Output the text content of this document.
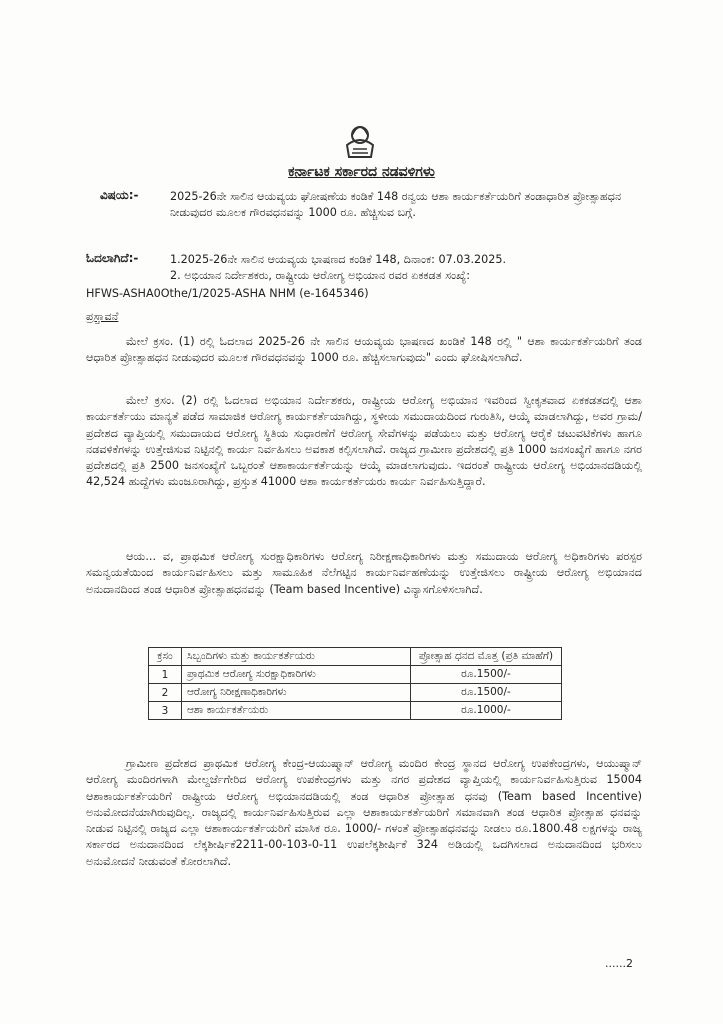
ಕರ್ನಾಟಕ ಸರ್ಕಾರದ ನಡವಳಿಗಳು
ವಿಷಯ:-	2025-26ನೇ ಸಾಲಿನ ಆಯವ್ಯಯ ಘೋಷಣೆಯ ಕಂಡಿಕೆ 148 ರನ್ವಯ ಆಶಾ ಕಾರ್ಯಕರ್ತೆಯರಿಗೆ ತಂಡಾಧಾರಿತ ಪ್ರೋತ್ಸಾಹಧನ ನೀಡುವುದರ ಮೂಲಕ ಗೌರವಧನವನ್ನು 1000 ರೂ. ಹೆಚ್ಚಿಸುವ ಬಗ್ಗೆ.
ಓದಲಾಗಿದೆ:-	1.2025-26ನೇ ಸಾಲಿನ ಆಯವ್ಯಯ ಭಾಷಣದ ಕಂಡಿಕೆ 148, ದಿನಾಂಕ: 07.03.2025.
2. ಅಭಿಯಾನ ನಿರ್ದೇಶಕರು, ರಾಷ್ಟ್ರೀಯ ಆರೋಗ್ಯ ಅಭಿಯಾನ ರವರ ಏಕಕಡತ ಸಂಖ್ಯೆ:
HFWS-ASHA0Othe/1/2025-ASHA NHM (e-1645346)
ಪ್ರಸ್ತಾವನೆ
ಮೇಲೆ ಕ್ರಸಂ. (1) ರಲ್ಲಿ ಓದಲಾದ 2025-26 ನೇ ಸಾಲಿನ ಆಯವ್ಯಯ ಭಾಷಣದ ಖಂಡಿಕೆ 148 ರಲ್ಲಿ " ಆಶಾ ಕಾರ್ಯಕರ್ತೆಯರಿಗೆ ತಂಡ ಆಧಾರಿತ ಪ್ರೋತ್ಸಾಹಧನ ನೀಡುವುದರ ಮೂಲಕ ಗೌರವಧನವನ್ನು 1000 ರೂ. ಹೆಚ್ಚಿಸಲಾಗುವುದು" ಎಂದು ಘೋಷಿಸಲಾಗಿದೆ.
ಮೇಲೆ ಕ್ರಸಂ. (2) ರಲ್ಲಿ ಓದಲಾದ ಅಭಿಯಾನ ನಿರ್ದೇಶಕರು, ರಾಷ್ಟ್ರೀಯ ಆರೋಗ್ಯ ಅಭಿಯಾನ ಇವರಿಂದ ಸ್ವೀಕೃತವಾದ ಏಕಕಡತದಲ್ಲಿ ಆಶಾ ಕಾರ್ಯಕರ್ತೆಯು ಮಾನ್ಯತೆ ಪಡೆದ ಸಾಮಾಜಿಕ ಆರೋಗ್ಯ ಕಾರ್ಯಕರ್ತೆಯಾಗಿದ್ದು, ಸ್ಥಳೀಯ ಸಮುದಾಯದಿಂದ ಗುರುತಿಸಿ, ಆಯ್ಕೆ ಮಾಡಲಾಗಿದ್ದು, ಅವರ ಗ್ರಾಮ/ಪ್ರದೇಶದ ವ್ಯಾಪ್ತಿಯಲ್ಲಿ ಸಮುದಾಯದ ಆರೋಗ್ಯ ಸ್ಥಿತಿಯ ಸುಧಾರಣೆಗೆ ಆರೋಗ್ಯ ಸೇವೆಗಳನ್ನು ಪಡೆಯಲು ಮತ್ತು ಆರೋಗ್ಯ ಆರೈಕೆ ಚಟುವಟಿಕೆಗಳು ಹಾಗೂ ನಡವಳಿಕೆಗಳನ್ನು ಉತ್ತೇಜಿಸುವ ನಿಟ್ಟಿನಲ್ಲಿ ಕಾರ್ಯ ನಿರ್ವಹಿಸಲು ಅವಕಾಶ ಕಲ್ಪಿಸಲಾಗಿದೆ. ರಾಜ್ಯದ ಗ್ರಾಮೀಣ ಪ್ರದೇಶದಲ್ಲಿ ಪ್ರತಿ 1000 ಜನಸಂಖ್ಯೆಗೆ ಹಾಗೂ ನಗರ ಪ್ರದೇಶದಲ್ಲಿ ಪ್ರತಿ 2500 ಜನಸಂಖ್ಯೆಗೆ ಒಬ್ಬರಂತೆ ಆಶಾಕಾರ್ಯಕರ್ತೆಯನ್ನು ಆಯ್ಕೆ ಮಾಡಲಾಗುವುದು. ಇದರಂತೆ ರಾಷ್ಟ್ರೀಯ ಆರೋಗ್ಯ ಅಭಿಯಾನದಡಿಯಲ್ಲಿ 42,524 ಹುದ್ದೆಗಳು ಮಂಜೂರಾಗಿದ್ದು, ಪ್ರಸ್ತುತ 41000 ಆಶಾ ಕಾರ್ಯಕರ್ತೆಯರು ಕಾರ್ಯ ನಿರ್ವಹಿಸುತ್ತಿದ್ದಾರೆ.
ಆಯ... ವ, ಪ್ರಾಥಮಿಕ ಆರೋಗ್ಯ ಸುರಕ್ಷಾಧಿಕಾರಿಗಳು ಆರೋಗ್ಯ ನಿರೀಕ್ಷಣಾಧಿಕಾರಿಗಳು ಮತ್ತು ಸಮುದಾಯ ಆರೋಗ್ಯ ಅಧಿಕಾರಿಗಳು ಪರಸ್ಪರ ಸಮನ್ವಯತೆಯಿಂದ ಕಾರ್ಯನಿರ್ವಹಿಸಲು ಮತ್ತು ಸಾಮೂಹಿಕ ನೆಲೆಗಟ್ಟಿನ ಕಾರ್ಯನಿರ್ವಹಣೆಯನ್ನು ಉತ್ತೇಜಿಸಲು ರಾಷ್ಟ್ರೀಯ ಆರೋಗ್ಯ ಅಭಿಯಾನದ ಅನುದಾನದಿಂದ ತಂಡ ಆಧಾರಿತ ಪ್ರೋತ್ಸಾಹಧನವನ್ನು (Team based Incentive) ವಿನ್ಯಾಸಗೊಳಿಸಲಾಗಿದೆ.
ಕ್ರಸಂ	ಸಿಬ್ಬಂದಿಗಳು ಮತ್ತು ಕಾರ್ಯಕರ್ತೆಯರು	ಪ್ರೋತ್ಸಾಹ ಧನದ ಮೊತ್ತ (ಪ್ರತಿ ಮಾಹೆಗೆ)
1	ಪ್ರಾಥಮಿಕ ಆರೋಗ್ಯ ಸುರಕ್ಷಾಧಿಕಾರಿಗಳು	ರೂ.1500/-
2	ಆರೋಗ್ಯ ನಿರೀಕ್ಷಣಾಧಿಕಾರಿಗಳು	ರೂ.1500/-
3	ಆಶಾ ಕಾರ್ಯಕರ್ತೆಯರು	ರೂ.1000/-
ಗ್ರಾಮೀಣ ಪ್ರದೇಶದ ಪ್ರಾಥಮಿಕ ಆರೋಗ್ಯ ಕೇಂದ್ರ-ಆಯುಷ್ಮಾನ್ ಆರೋಗ್ಯ ಮಂದಿರ ಕೇಂದ್ರ ಸ್ಥಾನದ ಆರೋಗ್ಯ ಉಪಕೇಂದ್ರಗಳು, ಆಯುಷ್ಮಾನ್ ಆರೋಗ್ಯ ಮಂದಿರಗಳಾಗಿ ಮೇಲ್ದರ್ಜೆಗೇರಿದ ಆರೋಗ್ಯ ಉಪಕೇಂದ್ರಗಳು ಮತ್ತು ನಗರ ಪ್ರದೇಶದ ವ್ಯಾಪ್ತಿಯಲ್ಲಿ ಕಾರ್ಯನಿರ್ವಹಿಸುತ್ತಿರುವ 15004 ಆಶಾಕಾರ್ಯಕರ್ತೆಯರಿಗೆ ರಾಷ್ಟ್ರೀಯ ಆರೋಗ್ಯ ಅಭಿಯಾನದಡಿಯಲ್ಲಿ ತಂಡ ಆಧಾರಿತ ಪ್ರೋತ್ಸಾಹ ಧನವು (Team based Incentive) ಅನುಮೋದನೆಯಾಗಿರುವುದಿಲ್ಲ. ರಾಜ್ಯದಲ್ಲಿ ಕಾರ್ಯನಿರ್ವಹಿಸುತ್ತಿರುವ ಎಲ್ಲಾ ಆಶಾಕಾರ್ಯಕರ್ತೆಯರಿಗೆ ಸಮಾನವಾಗಿ ತಂಡ ಆಧಾರಿತ ಪ್ರೋತ್ಸಾಹ ಧನವನ್ನು ನೀಡುವ ನಿಟ್ಟಿನಲ್ಲಿ ರಾಜ್ಯದ ಎಲ್ಲಾ ಆಶಾಕಾರ್ಯಕರ್ತೆಯರಿಗೆ ಮಾಸಿಕ ರೂ. 1000/- ಗಳಂತೆ ಪ್ರೋತ್ಸಾಹಧನವನ್ನು ನೀಡಲು ರೂ.1800.48 ಲಕ್ಷಗಳನ್ನು ರಾಜ್ಯ ಸರ್ಕಾರದ ಅನುದಾನದಿಂದ ಲೆಕ್ಕಶೀರ್ಷಿಕೆ2211-00-103-0-11 ಉಪಲೆಕ್ಕಶೀರ್ಷಿಕೆ 324 ಅಡಿಯಲ್ಲಿ ಒದಗಿಸಲಾದ ಅನುದಾನದಿಂದ ಭರಿಸಲು ಅನುಮೋದನೆ ನೀಡುವಂತೆ ಕೋರಲಾಗಿದೆ.
......2
